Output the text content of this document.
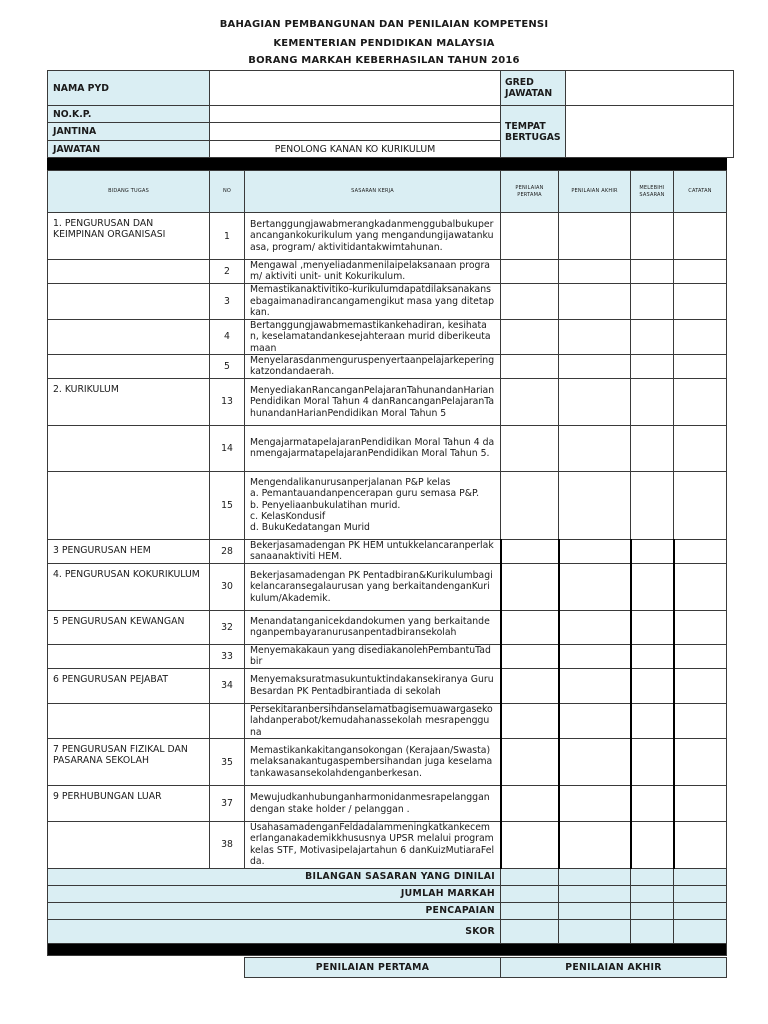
BAHAGIAN PEMBANGUNAN DAN PENILAIAN KOMPETENSI
KEMENTERIAN PENDIDIKAN MALAYSIA
BORANG MARKAH KEBERHASILAN TAHUN 2016
NAMA PYD		GRED JAWATAN	
NO.K.P.		TEMPAT BERTUGAS	
JANTINA			
JAWATAN	PENOLONG KANAN KO KURIKULUM		
BIDANG TUGAS	NO	SASARAN KERJA	PENILAIAN PERTAMA	PENILAIAN AKHIR	MELEBIHI SASARAN	CATATAN
1. PENGURUSAN DAN KEIMPINAN ORGANISASI	1	Bertanggungjawabmerangkadanmenggubalbukuperancangankokurikulum yang mengandungijawatankuasa, program/ aktivitidantakwimtahunan.				
	2	Mengawal ,menyeliadanmenilaipelaksanaan program/ aktiviti unit- unit Kokurikulum.				
	3	Memastikanaktivitiko-kurikulumdapatdilaksanakansebagaimanadirancangamengikut masa yang ditetapkan.				
	4	Bertanggungjawabmemastikankehadiran, kesihatan, keselamatandankesejahteraan murid diberikeutamaan				
	5	Menyelarasdanmenguruspenyertaanpelajarkeperingkatzondandaerah.				
2. KURIKULUM	13	MenyediakanRancanganPelajaranTahunandanHarianPendidikan Moral Tahun 4 danRancanganPelajaranTahunandanHarianPendidikan Moral Tahun 5				
	14	MengajarmatapelajaranPendidikan Moral Tahun 4 danmengajarmatapelajaranPendidikan Moral Tahun 5.				
	15	Mengendalikanurusanperjalanan P&P kelas
a. Pemantauandanpencerapan guru semasa P&P.
b. Penyeliaanbukulatihan murid.
c. KelasKondusif
d. BukuKedatangan Murid				
3 PENGURUSAN HEM	28	Bekerjasamadengan PK HEM untukkelancaranperlaksanaanaktiviti HEM.				
4. PENGURUSAN KOKURIKULUM	30	Bekerjasamadengan PK Pentadbiran&Kurikulumbagikelancaransegalaurusan yang berkaitandenganKurikulum/Akademik.				
5 PENGURUSAN KEWANGAN	32	Menandatanganicekdandokumen yang berkaitandenganpembayaranurusanpentadbiransekolah				
	33	Menyemakakaun yang disediakanolehPembantuTadbir				
6 PENGURUSAN PEJABAT	34	Menyemaksuratmasukuntuktindakansekiranya Guru Besardan PK Pentadbirantiada di sekolah				
		Persekitaranbersihdanselamatbagisemuawargasekolahdanperabot/kemudahanassekolah mesrapengguna				
7 PENGURUSAN FIZIKAL DAN PASARANA SEKOLAH	35	Memastikankakitangansokongan (Kerajaan/Swasta) melaksanakantugaspembersihandan juga keselamatankawasansekolahdenganberkesan.				
9 PERHUBUNGAN LUAR	37	Mewujudkanhubunganharmonidanmesrapelanggandengan stake holder / pelanggan .				
	38	UsahasamadenganFeldadalammeningkatkankecemerlanganakademikkhususnya UPSR melalui program kelas STF, Motivasipelajartahun 6 danKuizMutiaraFelda.				
BILANGAN SASARAN YANG DINILAI						
JUMLAH MARKAH						
PENCAPAIAN						
SKOR						

PENILAIAN PERTAMA	PENILAIAN AKHIR
